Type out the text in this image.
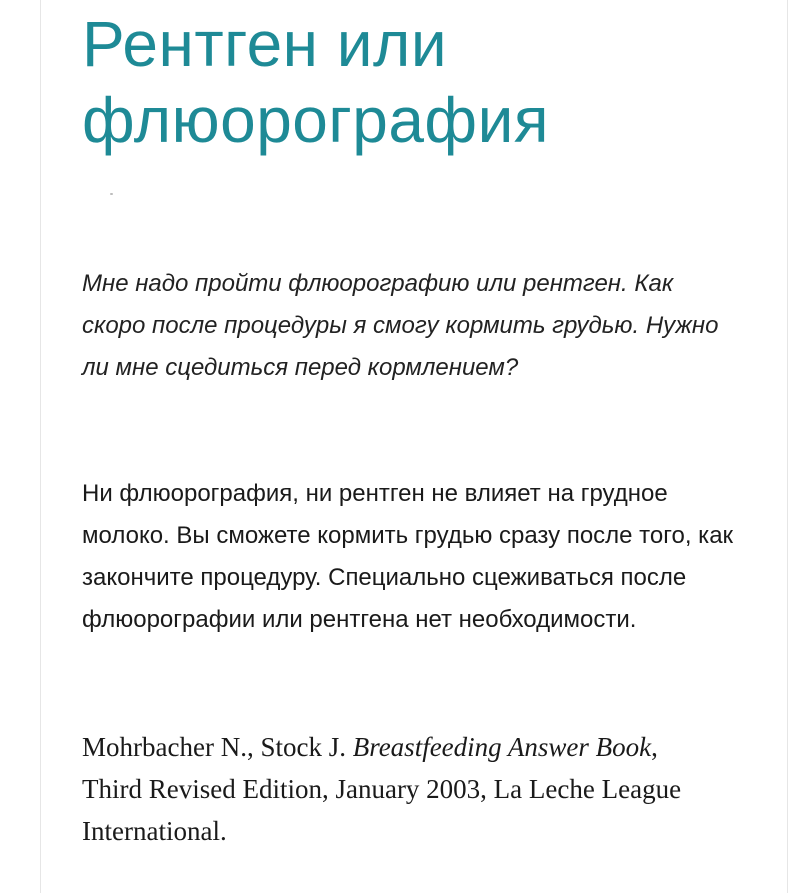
Рентген или флюорография

Мне надо пройти флюорографию или рентген. Как скоро после процедуры я смогу кормить грудью. Нужно ли мне сцедиться перед кормлением?

Ни флюорография, ни рентген не влияет на грудное молоко. Вы сможете кормить грудью сразу после того, как закончите процедуру. Специально сцеживаться после флюорографии или рентгена нет необходимости.

Mohrbacher N., Stock J. Breastfeeding Answer Book, Third Revised Edition, January 2003, La Leche League International.
